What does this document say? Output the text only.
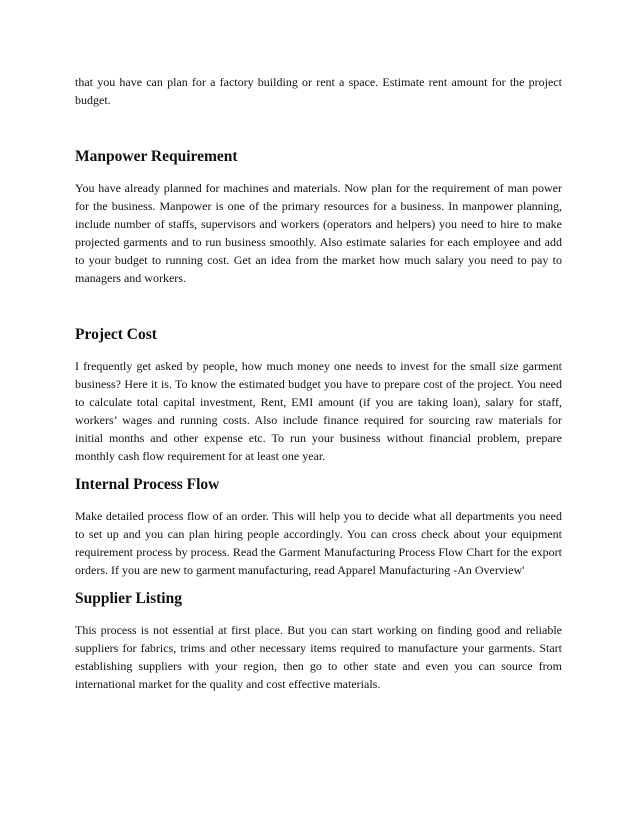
that you have can plan for a factory building or rent a space. Estimate rent amount for the project budget.

Manpower Requirement

You have already planned for machines and materials. Now plan for the requirement of man power for the business. Manpower is one of the primary resources for a business. In manpower planning, include number of staffs, supervisors and workers (operators and helpers) you need to hire to make projected garments and to run business smoothly. Also estimate salaries for each employee and add to your budget to running cost. Get an idea from the market how much salary you need to pay to managers and workers.

Project Cost

I frequently get asked by people, how much money one needs to invest for the small size garment business? Here it is. To know the estimated budget you have to prepare cost of the project. You need to calculate total capital investment, Rent, EMI amount (if you are taking loan), salary for staff, workers’ wages and running costs. Also include finance required for sourcing raw materials for initial months and other expense etc. To run your business without financial problem, prepare monthly cash flow requirement for at least one year.

Internal Process Flow

Make detailed process flow of an order. This will help you to decide what all departments you need to set up and you can plan hiring people accordingly. You can cross check about your equipment requirement process by process. Read the Garment Manufacturing Process Flow Chart for the export orders. If you are new to garment manufacturing, read Apparel Manufacturing -An Overview'

Supplier Listing

This process is not essential at first place. But you can start working on finding good and reliable suppliers for fabrics, trims and other necessary items required to manufacture your garments. Start establishing suppliers with your region, then go to other state and even you can source from international market for the quality and cost effective materials.
